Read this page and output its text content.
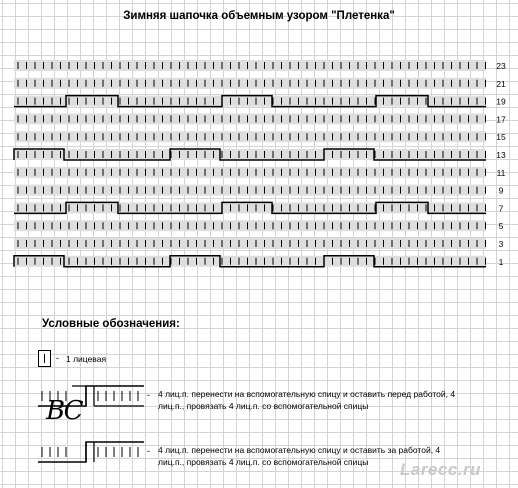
Зимняя шапочка объемным узором "Плетенка"
23
21
19
17
15
13
11
9
7
5
3
1
Условные обозначения:
- 1 лицевая
BC
- 4 лиц.п. перенести на вспомогательную спицу и оставить перед работой, 4
лиц.п., провязать 4 лиц.п. со вспомогательной спицы
- 4 лиц.п. перенести на вспомогательную спицу и оставить за работой, 4
лиц.п., провязать 4 лиц.п. со вспомогательной спицы	Larecc.ru
